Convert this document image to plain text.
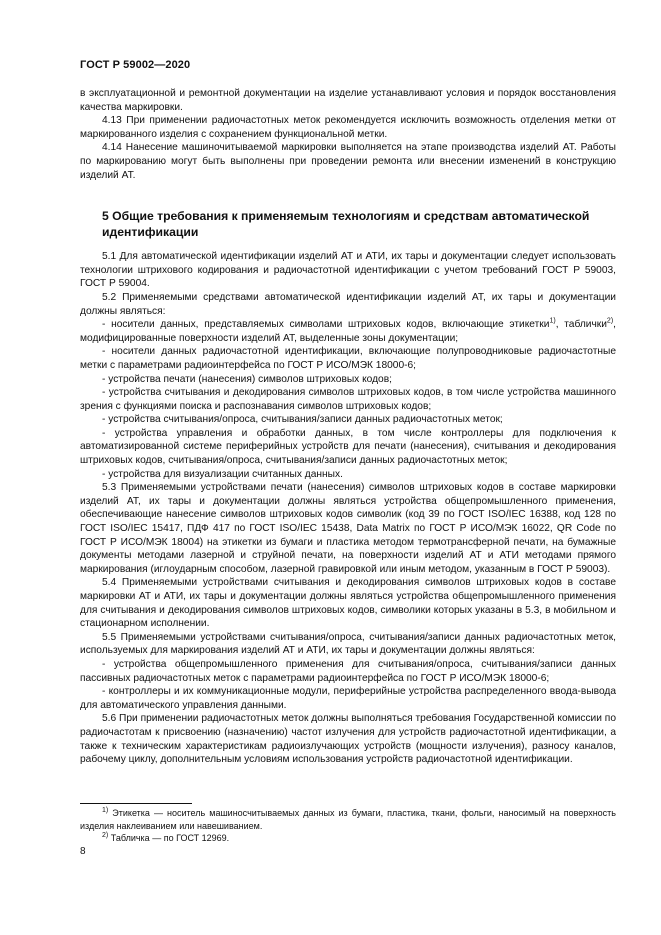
ГОСТ Р 59002—2020

в эксплуатационной и ремонтной документации на изделие устанавливают условия и порядок восстановления качества маркировки.

4.13 При применении радиочастотных меток рекомендуется исключить возможность отделения метки от маркированного изделия с сохранением функциональной метки.

4.14 Нанесение машиночитываемой маркировки выполняется на этапе производства изделий АТ. Работы по маркированию могут быть выполнены при проведении ремонта или внесении изменений в конструкцию изделий АТ.

5 Общие требования к применяемым технологиям и средствам автоматической идентификации

5.1 Для автоматической идентификации изделий АТ и АТИ, их тары и документации следует использовать технологии штрихового кодирования и радиочастотной идентификации с учетом требований ГОСТ Р 59003, ГОСТ Р 59004.

5.2 Применяемыми средствами автоматической идентификации изделий АТ, их тары и документации должны являться:

- носители данных, представляемых символами штриховых кодов, включающие этикетки$^{1)}$, таблички$^{2)}$, модифицированные поверхности изделий АТ, выделенные зоны документации;

- носители данных радиочастотной идентификации, включающие полупроводниковые радиочастотные метки с параметрами радиоинтерфейса по ГОСТ Р ИСО/МЭК 18000-6;

- устройства печати (нанесения) символов штриховых кодов;

- устройства считывания и декодирования символов штриховых кодов, в том числе устройства машинного зрения с функциями поиска и распознавания символов штриховых кодов;

- устройства считывания/опроса, считывания/записи данных радиочастотных меток;

- устройства управления и обработки данных, в том числе контроллеры для подключения к автоматизированной системе периферийных устройств для печати (нанесения), считывания и декодирования штриховых кодов, считывания/опроса, считывания/записи данных радиочастотных меток;

- устройства для визуализации считанных данных.

5.3 Применяемыми устройствами печати (нанесения) символов штриховых кодов в составе маркировки изделий АТ, их тары и документации должны являться устройства общепромышленного применения, обеспечивающие нанесение символов штриховых кодов символик (код 39 по ГОСТ ISO/IEC 16388, код 128 по ГОСТ ISO/IEC 15417, ПДФ 417 по ГОСТ ISO/IEC 15438, Data Matrix по ГОСТ Р ИСО/МЭК 16022, QR Code по ГОСТ Р ИСО/МЭК 18004) на этикетки из бумаги и пластика методом термотрансферной печати, на бумажные документы методами лазерной и струйной печати, на поверхности изделий АТ и АТИ методами прямого маркирования (иглоударным способом, лазерной гравировкой или иным методом, указанным в ГОСТ Р 59003).

5.4 Применяемыми устройствами считывания и декодирования символов штриховых кодов в составе маркировки АТ и АТИ, их тары и документации должны являться устройства общепромышленного применения для считывания и декодирования символов штриховых кодов, символики которых указаны в 5.3, в мобильном и стационарном исполнении.

5.5 Применяемыми устройствами считывания/опроса, считывания/записи данных радиочастотных меток, используемых для маркирования изделий АТ и АТИ, их тары и документации должны являться:

- устройства общепромышленного применения для считывания/опроса, считывания/записи данных пассивных радиочастотных меток с параметрами радиоинтерфейса по ГОСТ Р ИСО/МЭК 18000-6;

- контроллеры и их коммуникационные модули, периферийные устройства распределенного ввода-вывода для автоматического управления данными.

5.6 При применении радиочастотных меток должны выполняться требования Государственной комиссии по радиочастотам к присвоению (назначению) частот излучения для устройств радиочастотной идентификации, а также к техническим характеристикам радиоизлучающих устройств (мощности излучения), разносу каналов, рабочему циклу, дополнительным условиям использования устройств радиочастотной идентификации.

$^{1)}$ Этикетка — носитель машиносчитываемых данных из бумаги, пластика, ткани, фольги, наносимый на поверхность изделия наклеиванием или навешиванием.

$^{2)}$ Табличка — по ГОСТ 12969.

8
